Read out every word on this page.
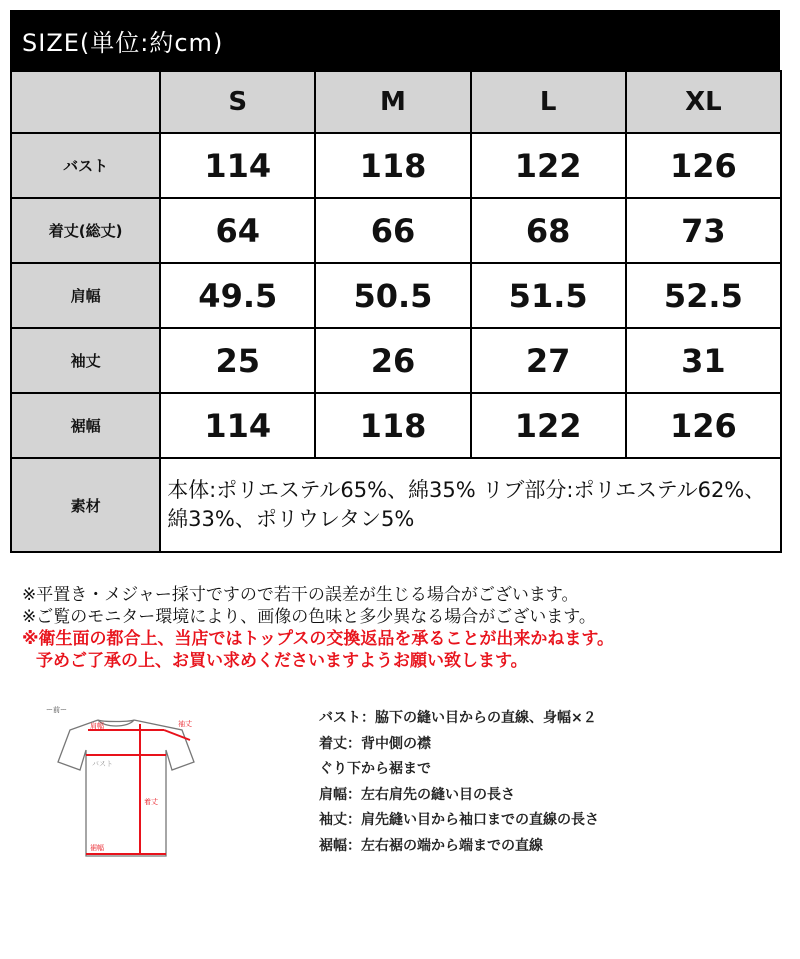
SIZE(単位:約cm)
	S	M	L	XL
バスト	114	118	122	126
着丈(総丈)	64	66	68	73
肩幅	49.5	50.5	51.5	52.5
袖丈	25	26	27	31
裾幅	114	118	122	126
素材	本体:ポリエステル65%、綿35% リブ部分:ポリエステル62%、綿33%、ポリウレタン5%			
※平置き・メジャー採寸ですので若干の誤差が生じる場合がございます。
※ご覧のモニター環境により、画像の色味と多少異なる場合がございます。
※衛生面の都合上、当店ではトップスの交換返品を承ることが出来かねます。
予めご了承の上、お買い求めくださいますようお願い致します。
ー前ー
肩幅	袖丈
バスト
着丈
裾幅
バスト：脇下の縫い目からの直線、身幅×２
着丈：背中側の襟
ぐり下から裾まで
肩幅：左右肩先の縫い目の長さ
袖丈：肩先縫い目から袖口までの直線の長さ
裾幅：左右裾の端から端までの直線
